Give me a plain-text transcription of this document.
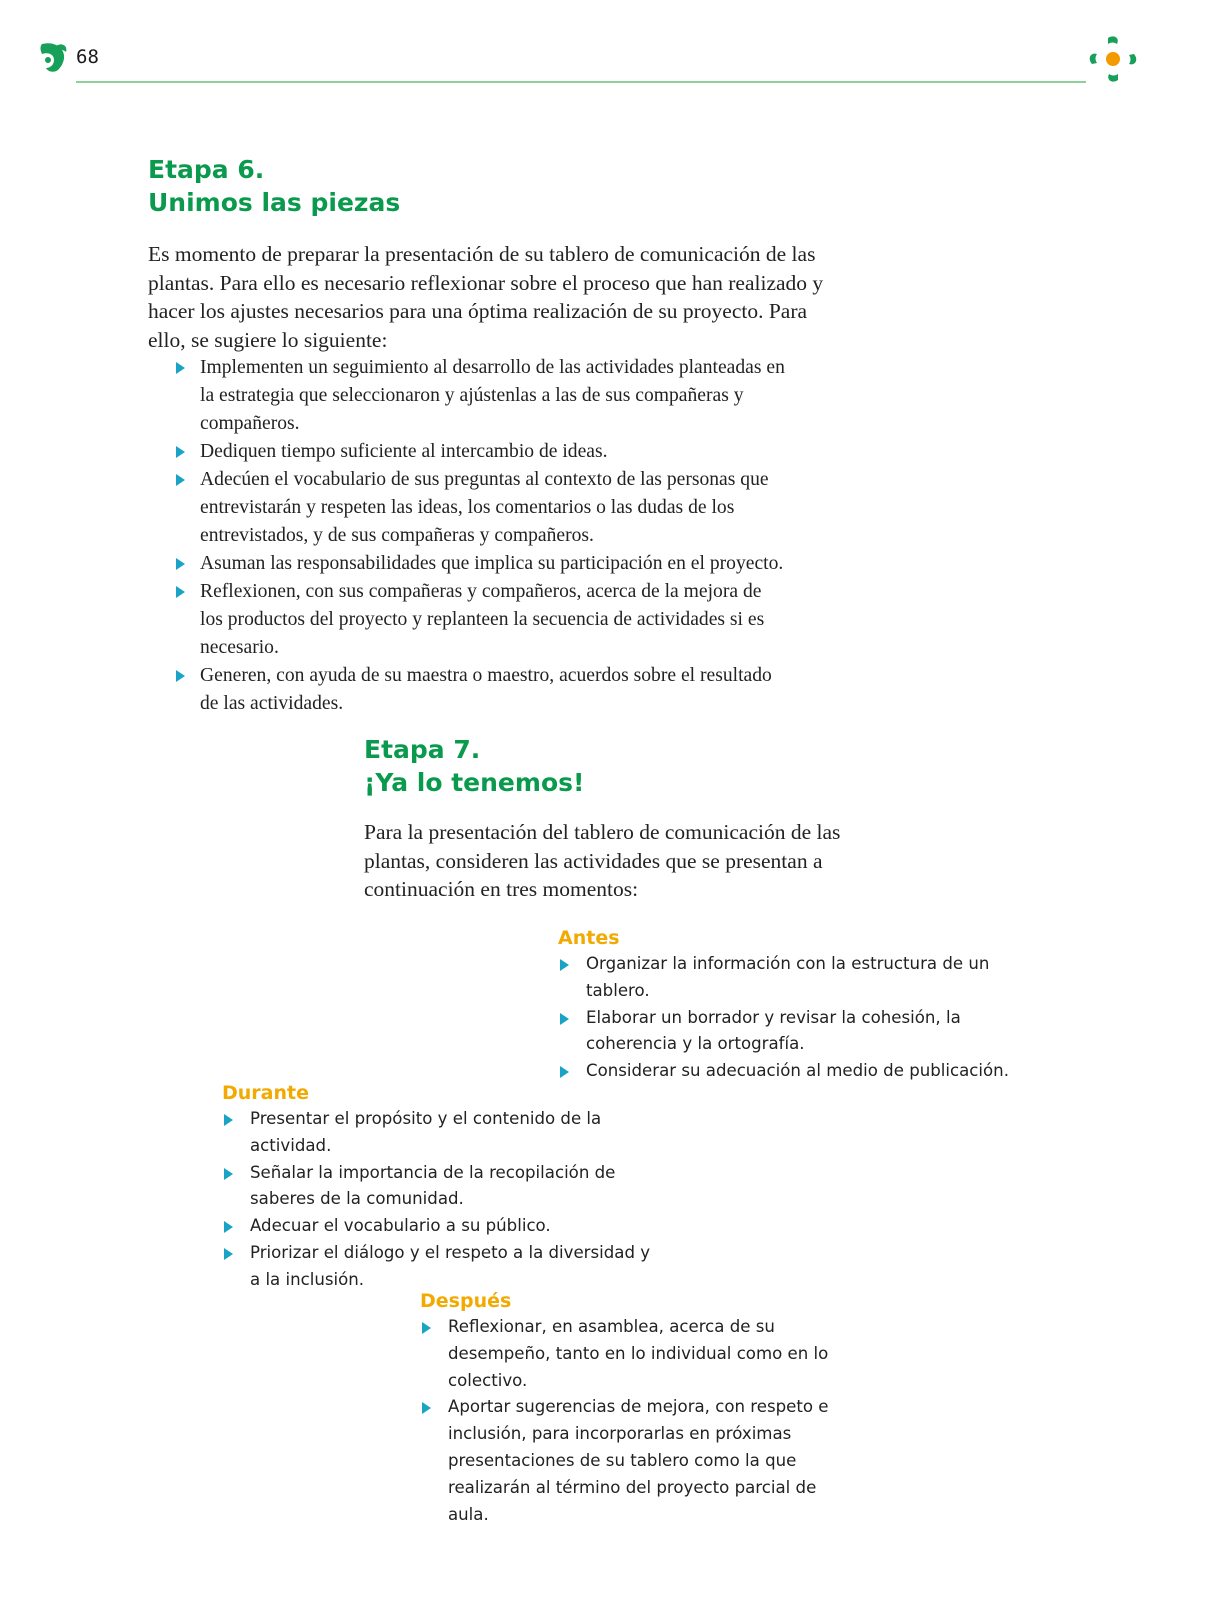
68
Etapa 6.
Unimos las piezas

Es momento de preparar la presentación de su tablero de comunicación de las plantas. Para ello es necesario reflexionar sobre el proceso que han realizado y hacer los ajustes necesarios para una óptima realización de su proyecto. Para ello, se sugiere lo siguiente:

Implementen un seguimiento al desarrollo de las actividades planteadas en la estrategia que seleccionaron y ajústenlas a las de sus compañeras y compañeros.
Dediquen tiempo suficiente al intercambio de ideas.
Adecúen el vocabulario de sus preguntas al contexto de las personas que entrevistarán y respeten las ideas, los comentarios o las dudas de los entrevistados, y de sus compañeras y compañeros.
Asuman las responsabilidades que implica su participación en el proyecto.
Reflexionen, con sus compañeras y compañeros, acerca de la mejora de los productos del proyecto y replanteen la secuencia de actividades si es necesario.
Generen, con ayuda de su maestra o maestro, acuerdos sobre el resultado de las actividades.
Etapa 7.
¡Ya lo tenemos!

Para la presentación del tablero de comunicación de las plantas, consideren las actividades que se presentan a continuación en tres momentos:

Antes
Organizar la información con la estructura de un tablero.
Elaborar un borrador y revisar la cohesión, la coherencia y la ortografía.
Considerar su adecuación al medio de publicación.
Durante
Presentar el propósito y el contenido de la actividad.
Señalar la importancia de la recopilación de saberes de la comunidad.
Adecuar el vocabulario a su público.
Priorizar el diálogo y el respeto a la diversidad y a la inclusión.
Después
Reflexionar, en asamblea, acerca de su desempeño, tanto en lo individual como en lo colectivo.
Aportar sugerencias de mejora, con respeto e inclusión, para incorporarlas en próximas presentaciones de su tablero como la que realizarán al término del proyecto parcial de aula.
